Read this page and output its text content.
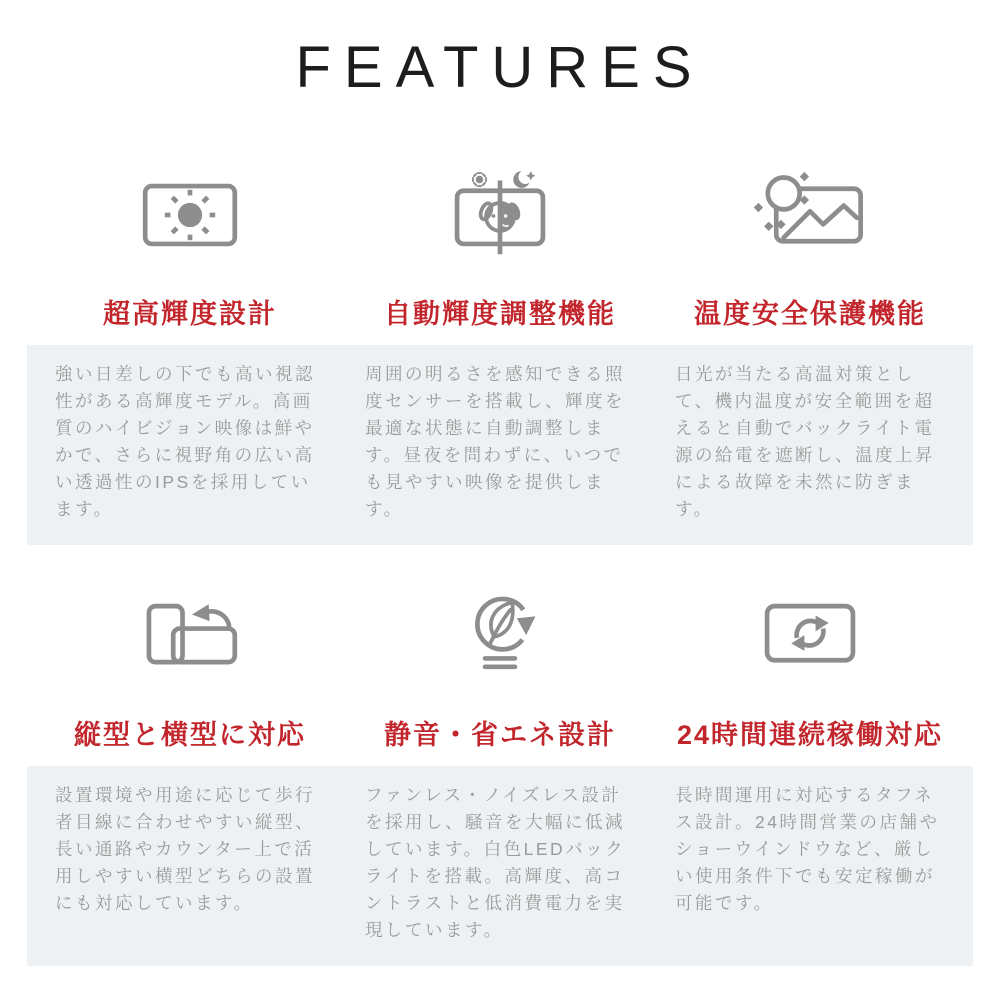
FEATURES
超高輝度設計	自動輝度調整機能	温度安全保護機能

強い日差しの下でも高い視認性がある高輝度モデル。高画質のハイビジョン映像は鮮やかで、さらに視野角の広い高い透過性のIPSを採用しています。

周囲の明るさを感知できる照度センサーを搭載し、輝度を最適な状態に自動調整します。昼夜を問わずに、いつでも見やすい映像を提供します。

日光が当たる高温対策として、機内温度が安全範囲を超えると自動でバックライト電源の給電を遮断し、温度上昇による故障を未然に防ぎます。

縦型と横型に対応	静音・省エネ設計	24時間連続稼働対応

設置環境や用途に応じて歩行者目線に合わせやすい縦型、長い通路やカウンター上で活用しやすい横型どちらの設置にも対応しています。

ファンレス・ノイズレス設計を採用し、騒音を大幅に低減しています。白色LEDバックライトを搭載。高輝度、高コントラストと低消費電力を実現しています。

長時間運用に対応するタフネス設計。24時間営業の店舗やショーウインドウなど、厳しい使用条件下でも安定稼働が可能です。
